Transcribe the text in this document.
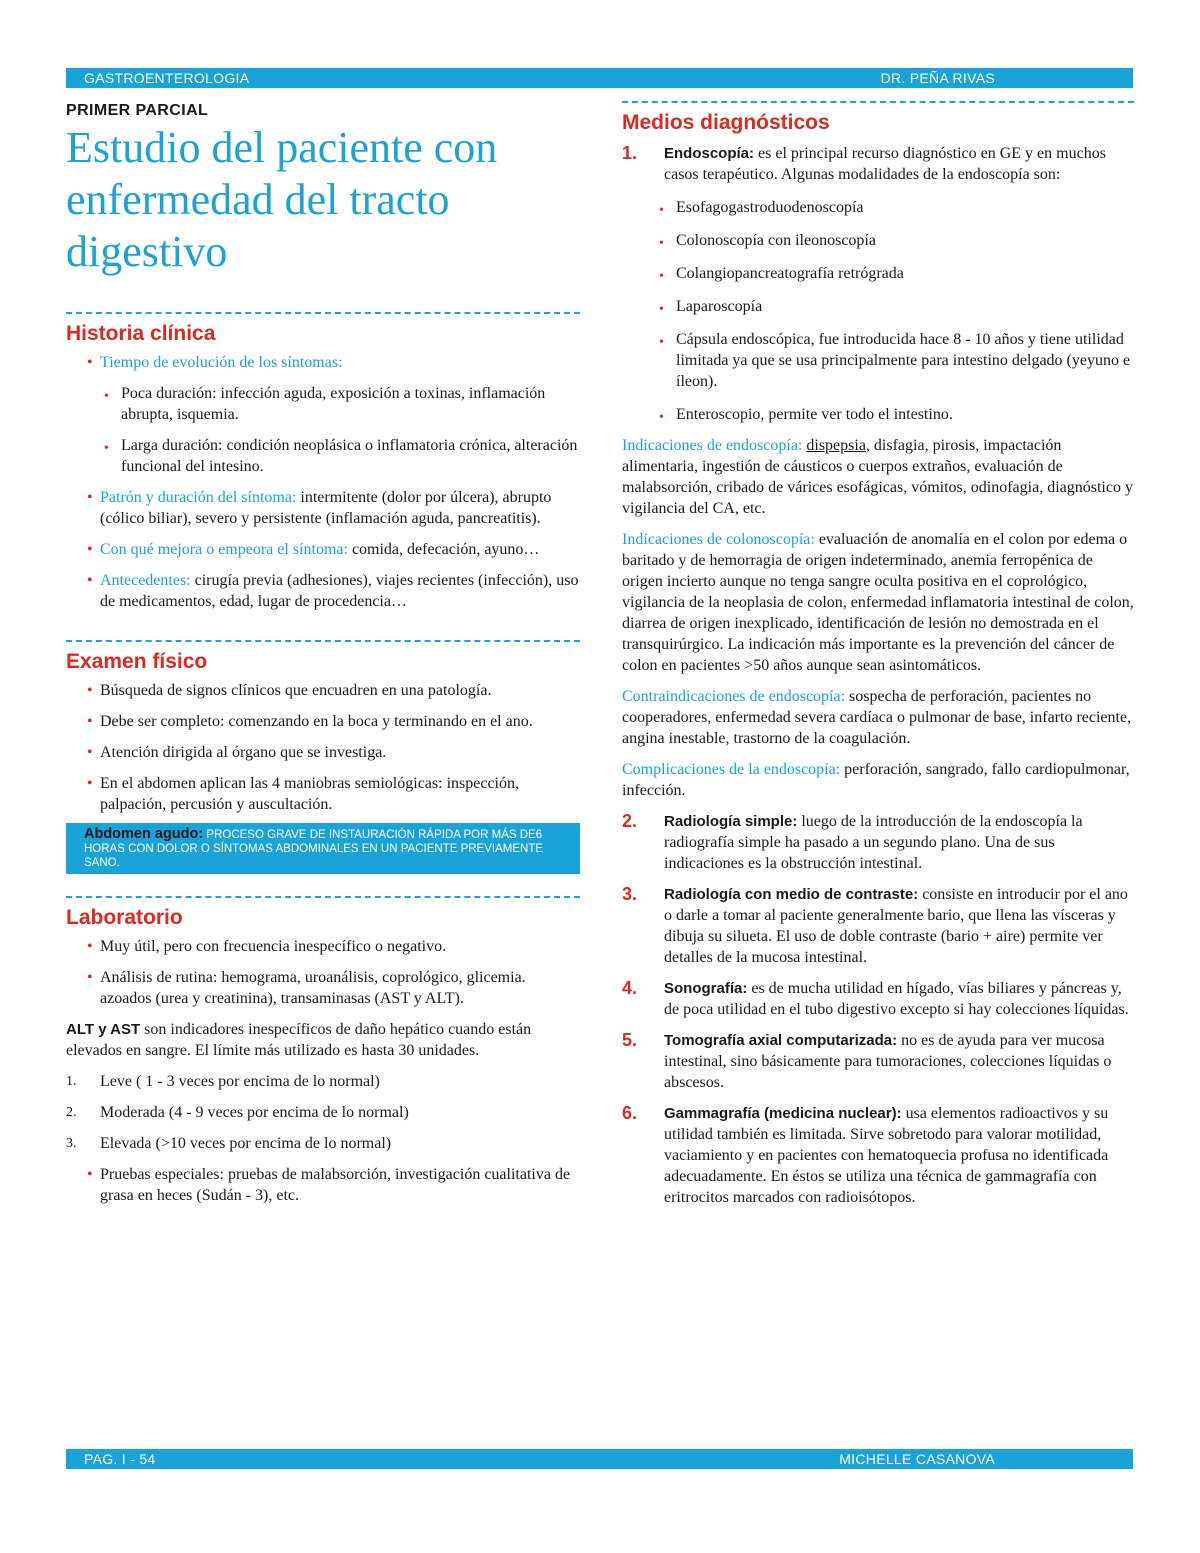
GASTROENTEROLOGIA	DR. PEÑA RIVAS
PRIMER PARCIAL
Estudio del paciente con enfermedad del tracto digestivo
Historia clínica
• Tiempo de evolución de los síntomas:
• Poca duración: infección aguda, exposición a toxinas, inflamación abrupta, isquemia.
• Larga duración: condición neoplásica o inflamatoria crónica, alteración funcional del intesino.
• Patrón y duración del síntoma: intermitente (dolor por úlcera), abrupto (cólico biliar), severo y persistente (inflamación aguda, pancreatitis).
• Con qué mejora o empeora el síntoma: comida, defecación, ayuno…
• Antecedentes: cirugía previa (adhesiones), viajes recientes (infección), uso de medicamentos, edad, lugar de procedencia…
Examen físico
• Búsqueda de signos clínicos que encuadren en una patología.
• Debe ser completo: comenzando en la boca y terminando en el ano.
• Atención dirigida al órgano que se investiga.
• En el abdomen aplican las 4 maniobras semiológicas: inspección, palpación, percusión y auscultación.
Abdomen agudo: PROCESO GRAVE DE INSTAURACIÓN RÁPIDA POR MÁS DE6 HORAS CON DOLOR O SÍNTOMAS ABDOMINALES EN UN PACIENTE PREVIAMENTE SANO.
Laboratorio
• Muy útil, pero con frecuencia inespecífico o negativo.
• Análisis de rutina: hemograma, uroanálisis, coprológico, glicemia. azoados (urea y creatinina), transaminasas (AST y ALT).

ALT y AST son indicadores inespecíficos de daño hepático cuando están elevados en sangre. El límite más utilizado es hasta 30 unidades.

1. Leve ( 1 - 3 veces por encima de lo normal)
2. Moderada (4 - 9 veces por encima de lo normal)
3. Elevada (>10 veces por encima de lo normal)
• Pruebas especiales: pruebas de malabsorción, investigación cualitativa de grasa en heces (Sudán - 3), etc.
Medios diagnósticos
1. Endoscopía: es el principal recurso diagnóstico en GE y en muchos casos terapéutico. Algunas modalidades de la endoscopía son:
• Esofagogastroduodenoscopía
• Colonoscopía con ileonoscopía
• Colangiopancreatografía retrógrada
• Laparoscopía
• Cápsula endoscópica, fue introducida hace 8 - 10 años y tiene utilidad limitada ya que se usa principalmente para intestino delgado (yeyuno e íleon).
• Enteroscopio, permite ver todo el intestino.

Indicaciones de endoscopía: dispepsia, disfagia, pirosis, impactación alimentaria, ingestión de cáusticos o cuerpos extraños, evaluación de malabsorción, cribado de várices esofágicas, vómitos, odinofagia, diagnóstico y vigilancia del CA, etc.

Indicaciones de colonoscopía: evaluación de anomalía en el colon por edema o baritado y de hemorragia de origen indeterminado, anemia ferropénica de origen incierto aunque no tenga sangre oculta positiva en el coprológico, vigilancia de la neoplasia de colon, enfermedad inflamatoria intestinal de colon, diarrea de origen inexplicado, identificación de lesión no demostrada en el transquirúrgico. La indicación más importante es la prevención del cáncer de colon en pacientes >50 años aunque sean asintomáticos.

Contraindicaciones de endoscopía: sospecha de perforación, pacientes no cooperadores, enfermedad severa cardíaca o pulmonar de base, infarto reciente, angina inestable, trastorno de la coagulación.

Complicaciones de la endoscopía: perforación, sangrado, fallo cardiopulmonar, infección.

2. Radiología simple: luego de la introducción de la endoscopía la radiografía simple ha pasado a un segundo plano. Una de sus indicaciones es la obstrucción intestinal.
3. Radiología con medio de contraste: consiste en introducir por el ano o darle a tomar al paciente generalmente bario, que llena las vísceras y dibuja su silueta. El uso de doble contraste (bario + aire) permite ver detalles de la mucosa intestinal.
4. Sonografía: es de mucha utilidad en hígado, vías biliares y páncreas y, de poca utilidad en el tubo digestivo excepto si hay colecciones líquidas.
5. Tomografía axial computarizada: no es de ayuda para ver mucosa intestinal, sino básicamente para tumoraciones, colecciones líquidas o abscesos.
6. Gammagrafía (medicina nuclear): usa elementos radioactivos y su utilidad también es limitada. Sirve sobretodo para valorar motilidad, vaciamiento y en pacientes con hematoquecia profusa no identificada adecuadamente. En éstos se utiliza una técnica de gammagrafía con eritrocitos marcados con radioisótopos.
PAG. I - 54	MICHELLE CASANOVA
